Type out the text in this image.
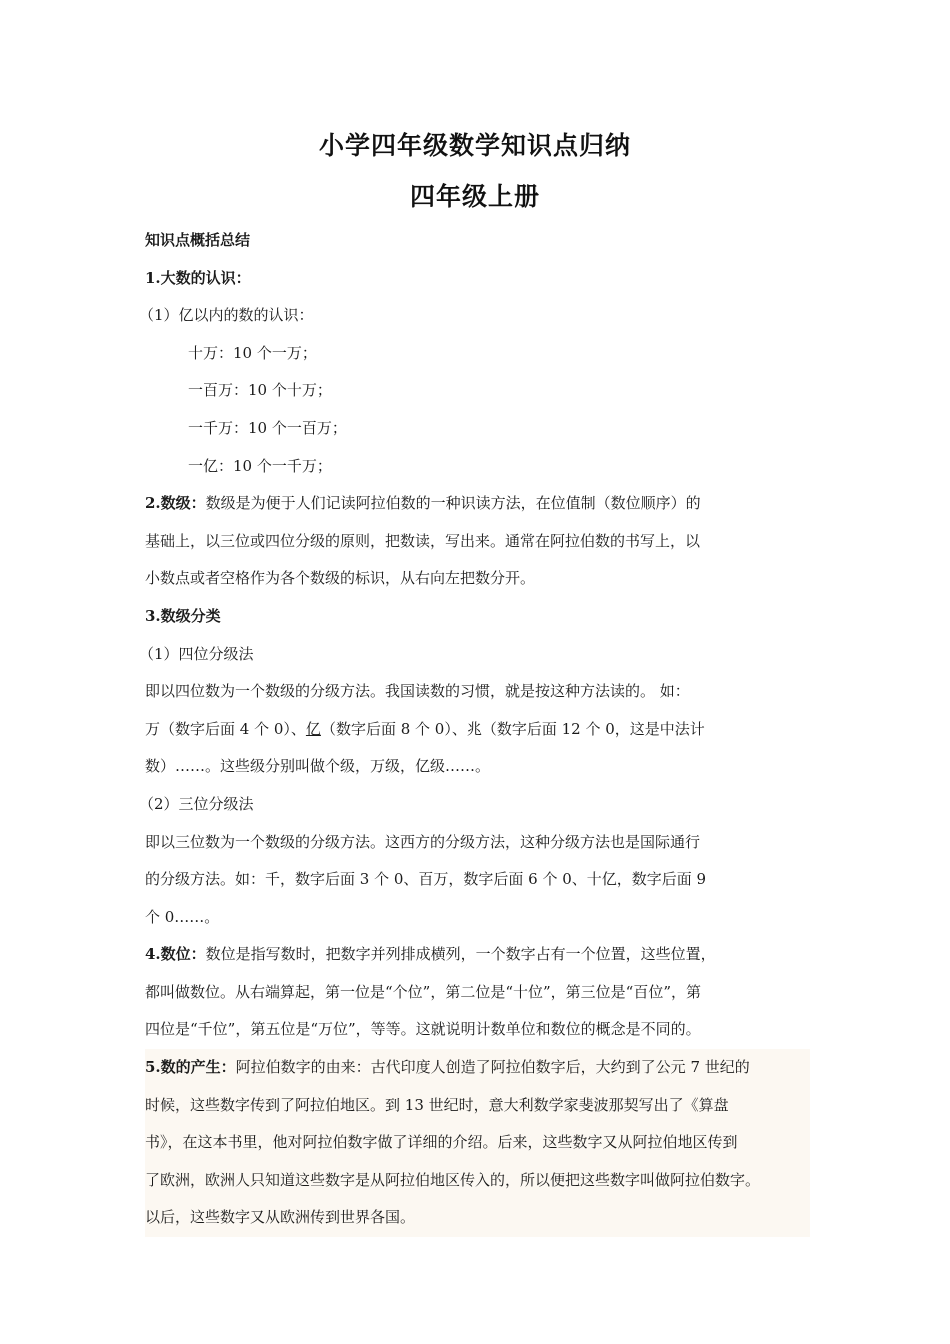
小学四年级数学知识点归纳
四年级上册

知识点概括总结

1.大数的认识：

（1）亿以内的数的认识：

十万：10 个一万；

一百万：10 个十万；

一千万：10 个一百万；

一亿：10 个一千万；

2.数级：数级是为便于人们记读阿拉伯数的一种识读方法，在位值制（数位顺序）的

基础上，以三位或四位分级的原则，把数读，写出来。通常在阿拉伯数的书写上，以

小数点或者空格作为各个数级的标识，从右向左把数分开。

3.数级分类

（1）四位分级法

即以四位数为一个数级的分级方法。我国读数的习惯，就是按这种方法读的。 如：

万（数字后面 4 个 0）、亿（数字后面 8 个 0）、兆（数字后面 12 个 0，这是中法计

数）……。这些级分别叫做个级，万级，亿级……。

（2）三位分级法

即以三位数为一个数级的分级方法。这西方的分级方法，这种分级方法也是国际通行

的分级方法。如：千，数字后面 3 个 0、百万，数字后面 6 个 0、十亿，数字后面 9

个 0……。

4.数位：数位是指写数时，把数字并列排成横列，一个数字占有一个位置，这些位置，

都叫做数位。从右端算起，第一位是“个位”，第二位是“十位”，第三位是“百位”，第

四位是“千位”，第五位是“万位”，等等。这就说明计数单位和数位的概念是不同的。

5.数的产生：阿拉伯数字的由来：古代印度人创造了阿拉伯数字后，大约到了公元 7 世纪的

时候，这些数字传到了阿拉伯地区。到 13 世纪时，意大利数学家斐波那契写出了《算盘

书》，在这本书里，他对阿拉伯数字做了详细的介绍。后来，这些数字又从阿拉伯地区传到

了欧洲，欧洲人只知道这些数字是从阿拉伯地区传入的，所以便把这些数字叫做阿拉伯数字。

以后，这些数字又从欧洲传到世界各国。
